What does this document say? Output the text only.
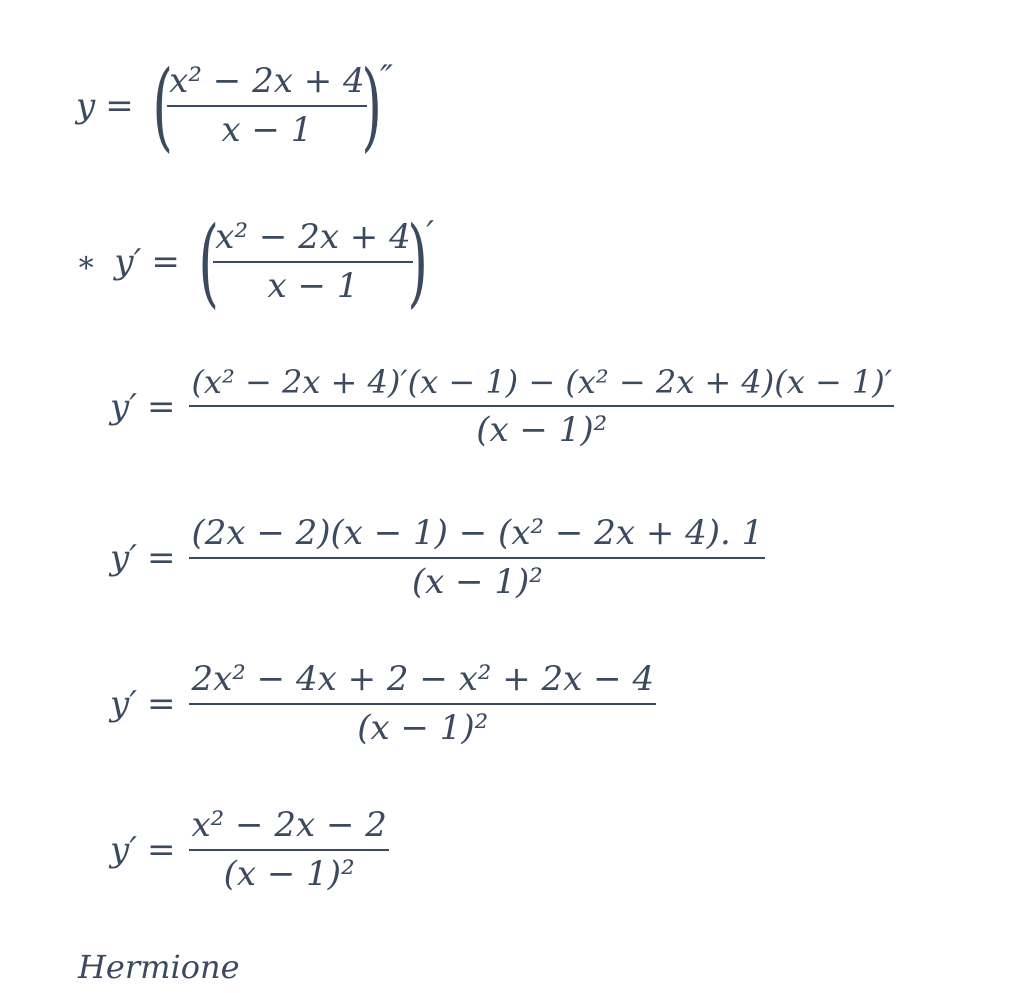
y = (
$\frac{\text{x² − 2x + 4}}{x - 1}$
)
″
∗ y′ = (
$\frac{\text{x² − 2x + 4}}{x - 1}$
)
′
$y' = \frac{\text{(x² − 2x + 4)′(x − 1) − (x² − 2x + 4)(x − 1)′}}{\text{(x − 1)²}}$
$y' = \frac{\text{(2x − 2)(x − 1) − (x² − 2x + 4). 1}}{\text{(x − 1)²}}$
$y' = \frac{\text{2x² − 4x + 2 − x² + 2x − 4}}{\text{(x − 1)²}}$
$y' = \frac{\text{x² − 2x − 2}}{\text{(x − 1)²}}$
Hermione
